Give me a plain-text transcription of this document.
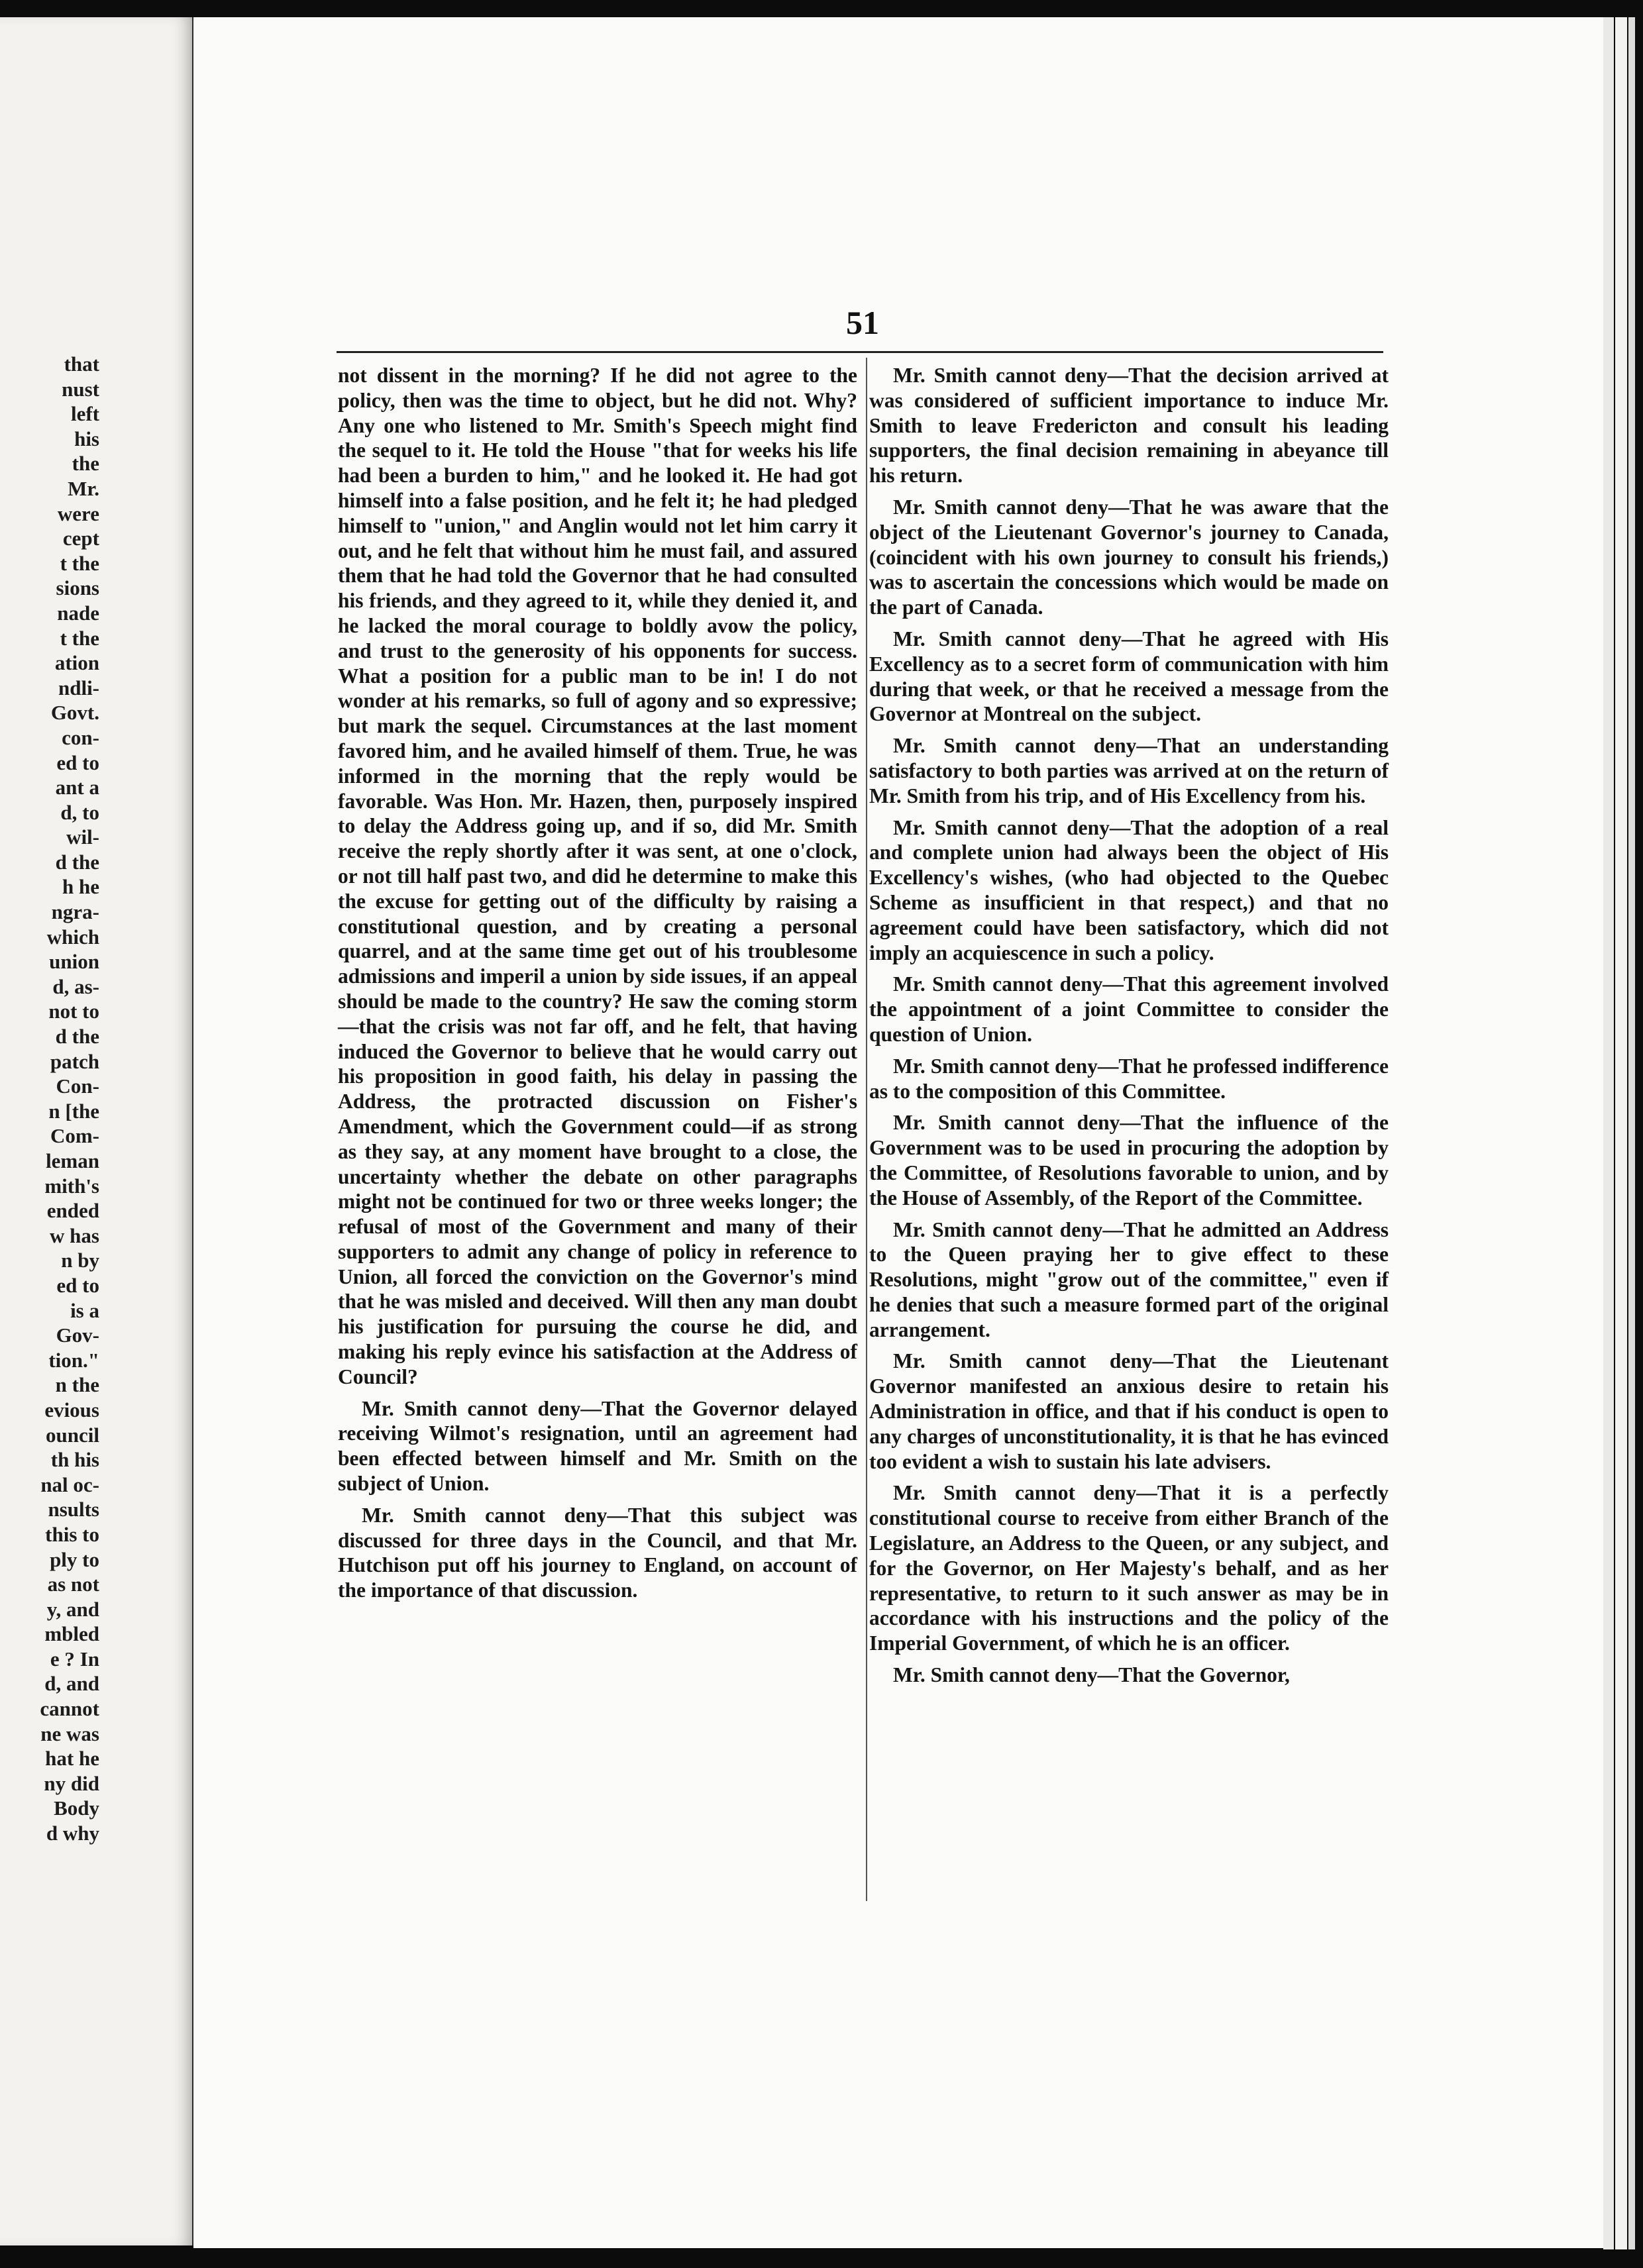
that
nust
left
his
the
Mr.
were
cept
t the
sions
nade
t the
ation
ndli-
Govt.
con-
ed to
ant a
d, to
wil-
d the
h he
ngra-
which
union
d, as-
not to
d the
patch
Con-
n [the
Com-
leman
mith's
ended
w has
n by
ed to
is a
Gov-
tion."
n the
evious
ouncil
th his
nal oc-
nsults
this to
ply to
as not
y, and
mbled
e ? In
d, and
cannot
ne was
hat he
ny did
Body
d why
51

not dissent in the morning? If he did not agree to the policy, then was the time to object, but he did not. Why? Any one who listened to Mr. Smith's Speech might find the sequel to it. He told the House "that for weeks his life had been a burden to him," and he looked it. He had got himself into a false position, and he felt it; he had pledged himself to "union," and Anglin would not let him carry it out, and he felt that without him he must fail, and assured them that he had told the Governor that he had consulted his friends, and they agreed to it, while they denied it, and he lacked the moral courage to boldly avow the policy, and trust to the generosity of his opponents for success. What a position for a public man to be in! I do not wonder at his remarks, so full of agony and so expressive; but mark the sequel. Circumstances at the last moment favored him, and he availed himself of them. True, he was informed in the morning that the reply would be favorable. Was Hon. Mr. Hazen, then, purposely inspired to delay the Address going up, and if so, did Mr. Smith receive the reply shortly after it was sent, at one o'clock, or not till half past two, and did he determine to make this the excuse for getting out of the difficulty by raising a constitutional question, and by creating a personal quarrel, and at the same time get out of his troublesome admissions and imperil a union by side issues, if an appeal should be made to the country? He saw the coming storm—that the crisis was not far off, and he felt, that having induced the Governor to believe that he would carry out his proposition in good faith, his delay in passing the Address, the protracted discussion on Fisher's Amendment, which the Government could—if as strong as they say, at any moment have brought to a close, the uncertainty whether the debate on other paragraphs might not be continued for two or three weeks longer; the refusal of most of the Government and many of their supporters to admit any change of policy in reference to Union, all forced the conviction on the Governor's mind that he was misled and deceived. Will then any man doubt his justification for pursuing the course he did, and making his reply evince his satisfaction at the Address of Council?

Mr. Smith cannot deny—That the Governor delayed receiving Wilmot's resignation, until an agreement had been effected between himself and Mr. Smith on the subject of Union.

Mr. Smith cannot deny—That this subject was discussed for three days in the Council, and that Mr. Hutchison put off his journey to England, on account of the importance of that discussion.

Mr. Smith cannot deny—That the decision arrived at was considered of sufficient importance to induce Mr. Smith to leave Fredericton and consult his leading supporters, the final decision remaining in abeyance till his return.

Mr. Smith cannot deny—That he was aware that the object of the Lieutenant Governor's journey to Canada, (coincident with his own journey to consult his friends,) was to ascertain the concessions which would be made on the part of Canada.

Mr. Smith cannot deny—That he agreed with His Excellency as to a secret form of communication with him during that week, or that he received a message from the Governor at Montreal on the subject.

Mr. Smith cannot deny—That an understanding satisfactory to both parties was arrived at on the return of Mr. Smith from his trip, and of His Excellency from his.

Mr. Smith cannot deny—That the adoption of a real and complete union had always been the object of His Excellency's wishes, (who had objected to the Quebec Scheme as insufficient in that respect,) and that no agreement could have been satisfactory, which did not imply an acquiescence in such a policy.

Mr. Smith cannot deny—That this agreement involved the appointment of a joint Committee to consider the question of Union.

Mr. Smith cannot deny—That he professed indifference as to the composition of this Committee.

Mr. Smith cannot deny—That the influence of the Government was to be used in procuring the adoption by the Committee, of Resolutions favorable to union, and by the House of Assembly, of the Report of the Committee.

Mr. Smith cannot deny—That he admitted an Address to the Queen praying her to give effect to these Resolutions, might "grow out of the committee," even if he denies that such a measure formed part of the original arrangement.

Mr. Smith cannot deny—That the Lieutenant Governor manifested an anxious desire to retain his Administration in office, and that if his conduct is open to any charges of unconstitutionality, it is that he has evinced too evident a wish to sustain his late advisers.

Mr. Smith cannot deny—That it is a perfectly constitutional course to receive from either Branch of the Legislature, an Address to the Queen, or any subject, and for the Governor, on Her Majesty's behalf, and as her representative, to return to it such answer as may be in accordance with his instructions and the policy of the Imperial Government, of which he is an officer.

Mr. Smith cannot deny—That the Governor,
